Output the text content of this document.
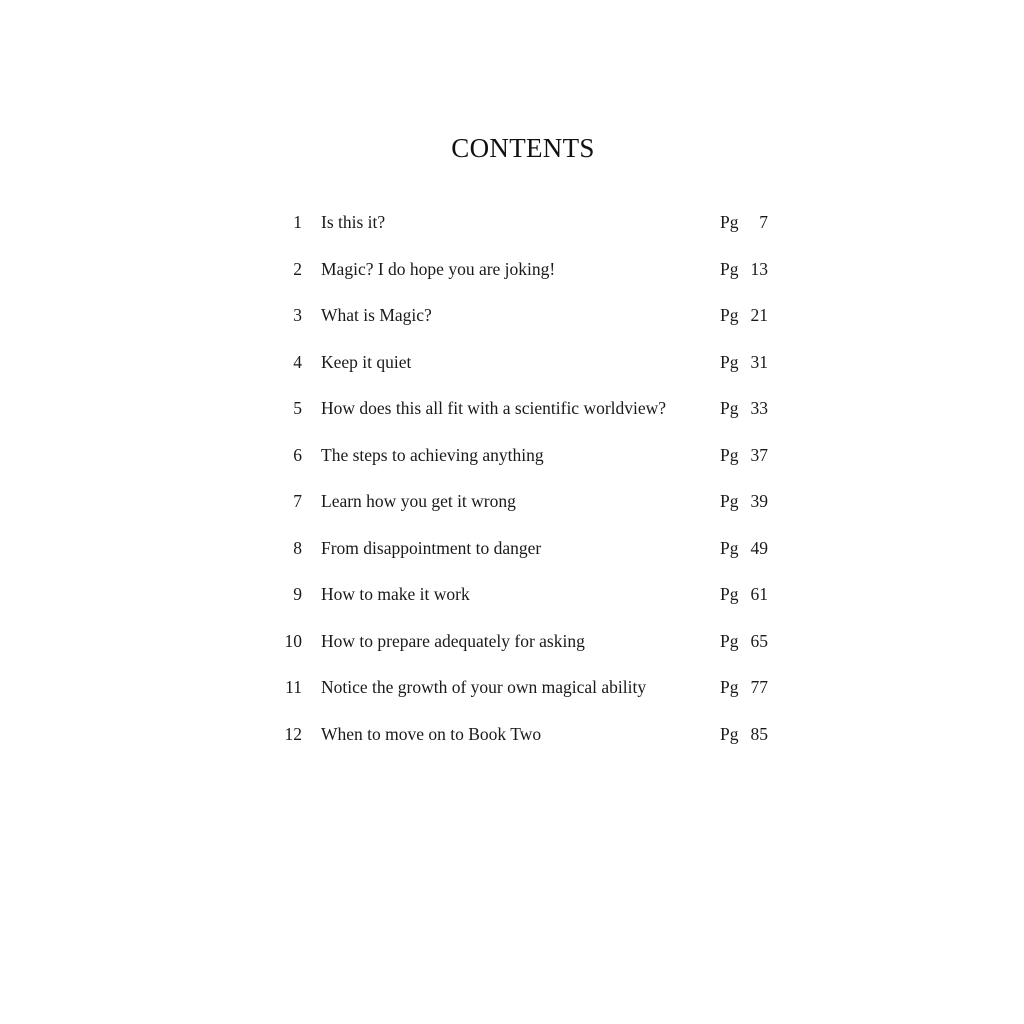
CONTENTS
1 Is this it?	Pg 7
2 Magic? I do hope you are joking!	Pg 13
3 What is Magic?	Pg 21
4 Keep it quiet	Pg 31
5 How does this all fit with a scientific worldview?	Pg 33
6 The steps to achieving anything	Pg 37
7 Learn how you get it wrong	Pg 39
8 From disappointment to danger	Pg 49
9 How to make it work	Pg 61
10 How to prepare adequately for asking	Pg 65
11 Notice the growth of your own magical ability	Pg 77
12 When to move on to Book Two	Pg 85
